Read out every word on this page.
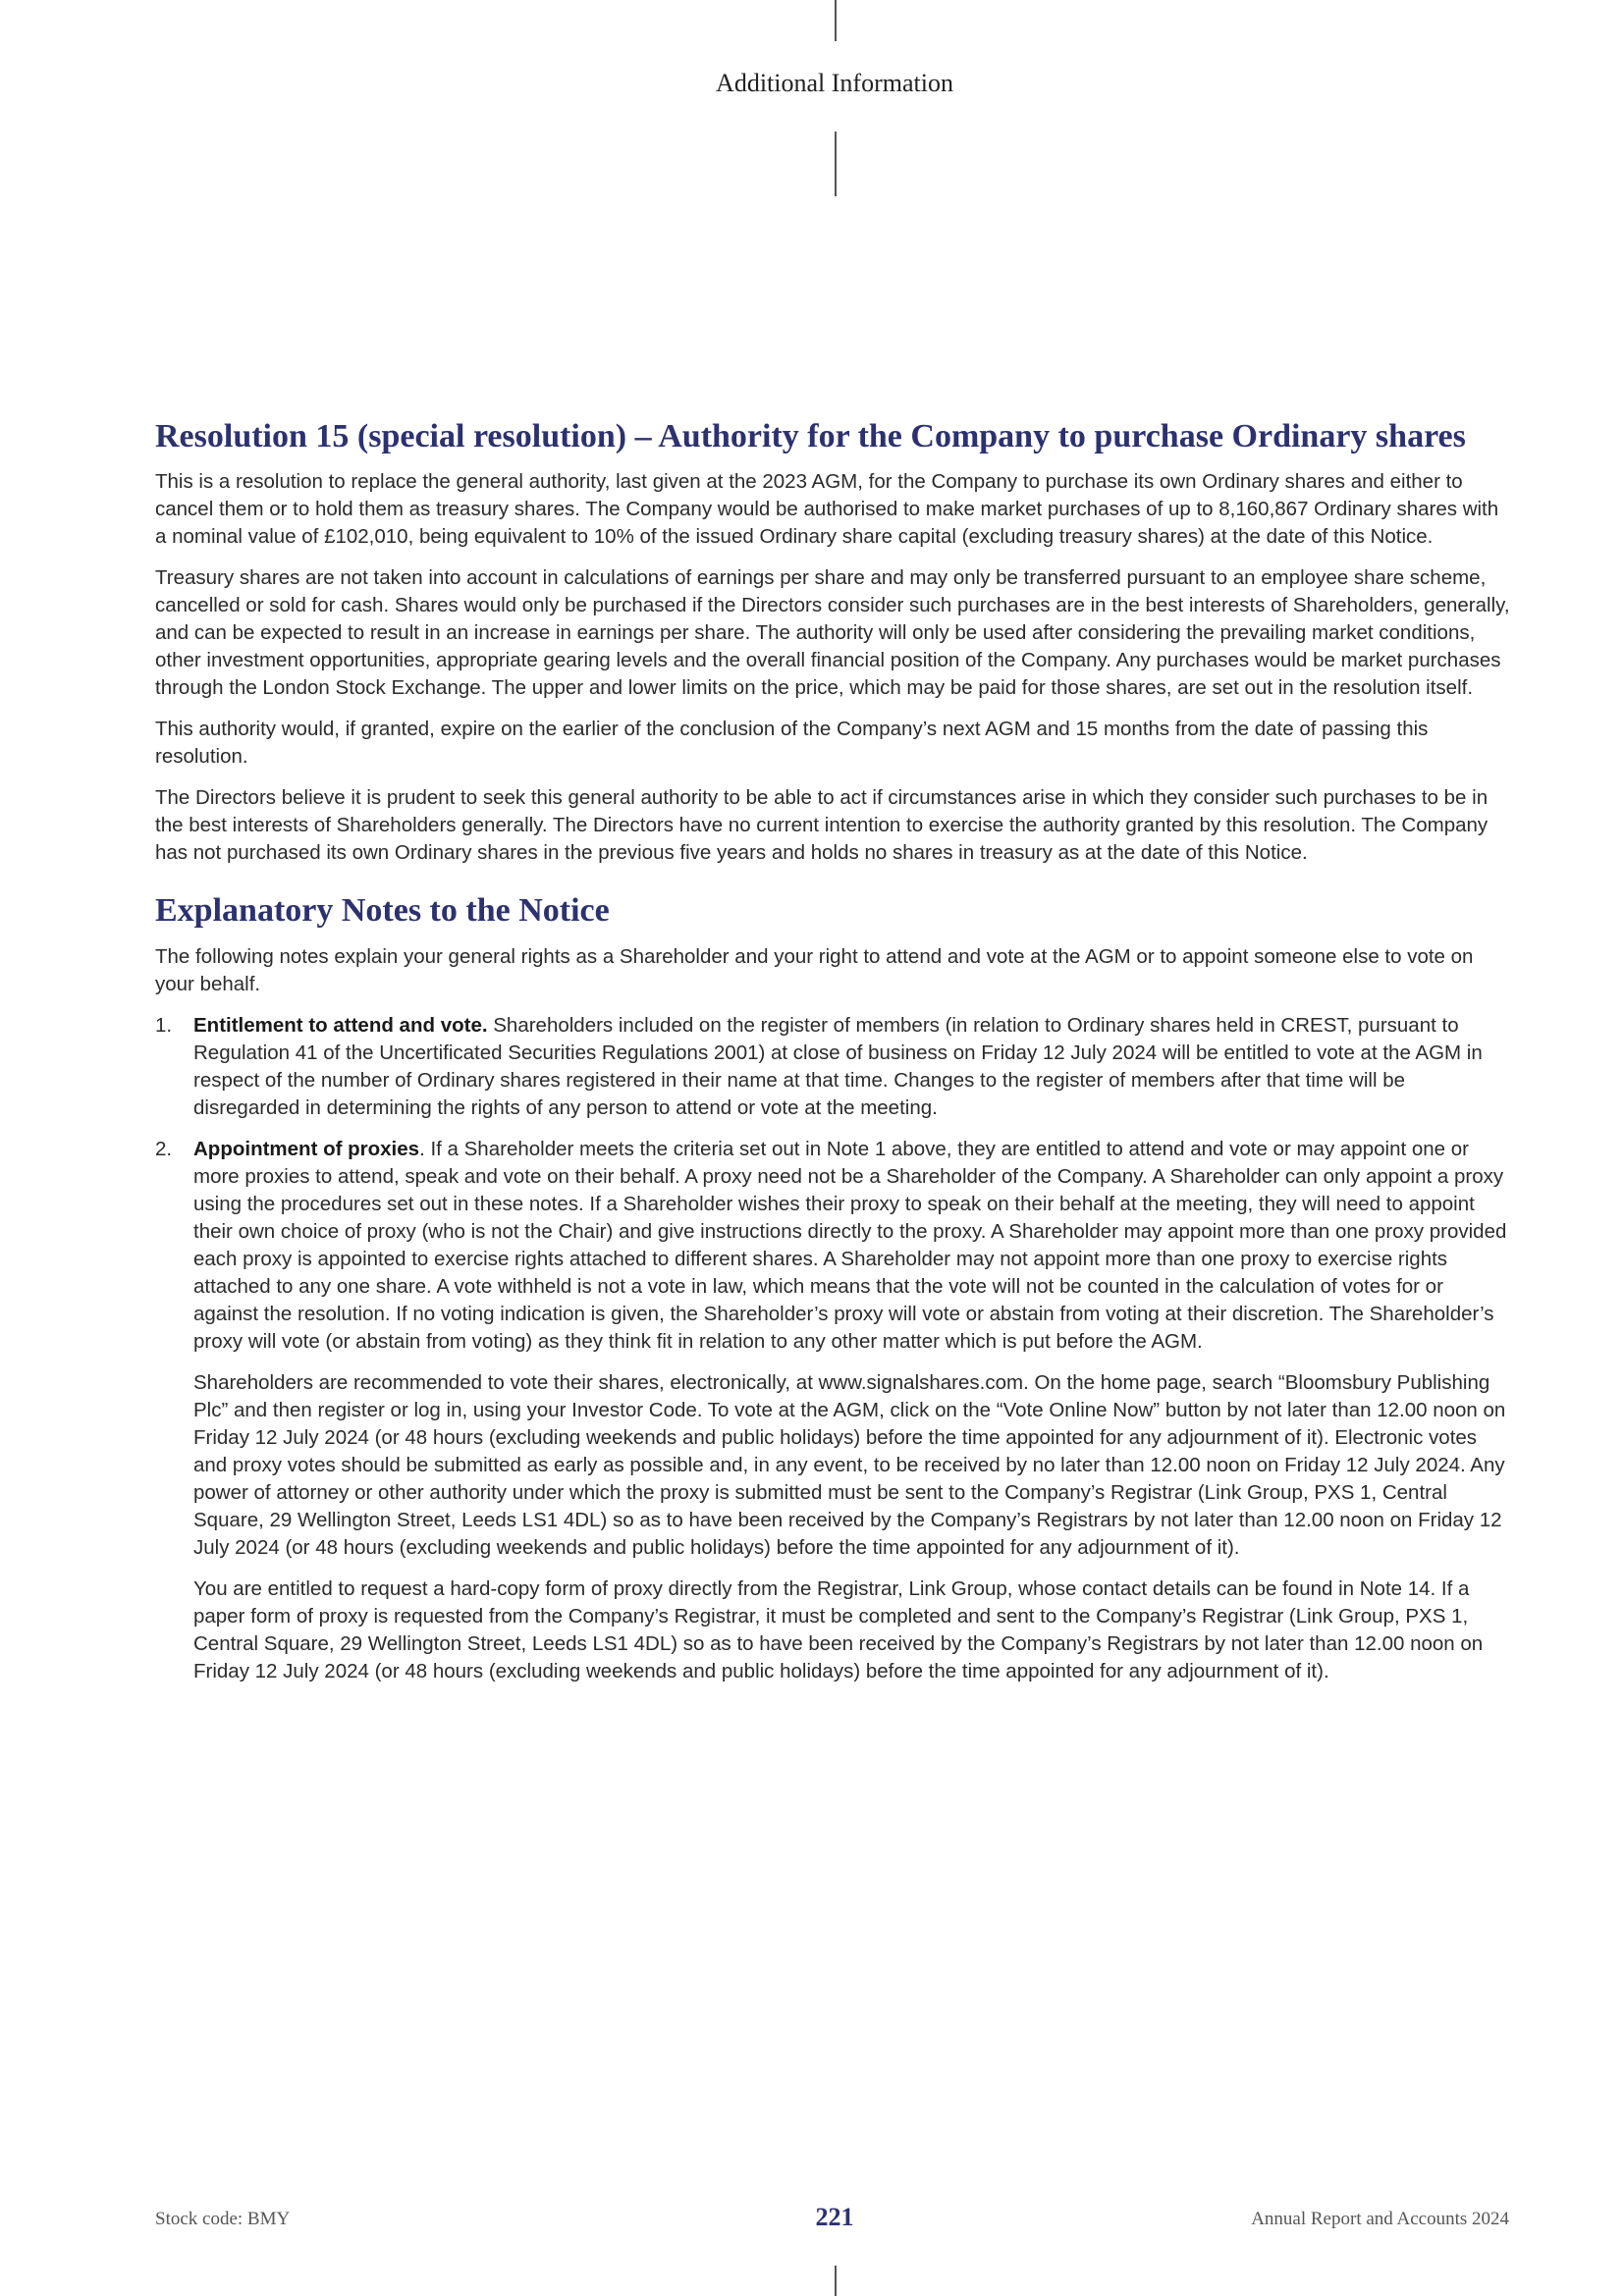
Additional Information
Resolution 15 (special resolution) – Authority for the Company to purchase Ordinary shares

This is a resolution to replace the general authority, last given at the 2023 AGM, for the Company to purchase its own Ordinary shares and either to cancel them or to hold them as treasury shares. The Company would be authorised to make market purchases of up to 8,160,867 Ordinary shares with a nominal value of £102,010, being equivalent to 10% of the issued Ordinary share capital (excluding treasury shares) at the date of this Notice.

Treasury shares are not taken into account in calculations of earnings per share and may only be transferred pursuant to an employee share scheme, cancelled or sold for cash. Shares would only be purchased if the Directors consider such purchases are in the best interests of Shareholders, generally, and can be expected to result in an increase in earnings per share. The authority will only be used after considering the prevailing market conditions, other investment opportunities, appropriate gearing levels and the overall financial position of the Company. Any purchases would be market purchases through the London Stock Exchange. The upper and lower limits on the price, which may be paid for those shares, are set out in the resolution itself.

This authority would, if granted, expire on the earlier of the conclusion of the Company’s next AGM and 15 months from the date of passing this resolution.

The Directors believe it is prudent to seek this general authority to be able to act if circumstances arise in which they consider such purchases to be in the best interests of Shareholders generally. The Directors have no current intention to exercise the authority granted by this resolution. The Company has not purchased its own Ordinary shares in the previous five years and holds no shares in treasury as at the date of this Notice.

Explanatory Notes to the Notice

The following notes explain your general rights as a Shareholder and your right to attend and vote at the AGM or to appoint someone else to vote on your behalf.

1. Entitlement to attend and vote. Shareholders included on the register of members (in relation to Ordinary shares held in CREST, pursuant to Regulation 41 of the Uncertificated Securities Regulations 2001) at close of business on Friday 12 July 2024 will be entitled to vote at the AGM in respect of the number of Ordinary shares registered in their name at that time. Changes to the register of members after that time will be disregarded in determining the rights of any person to attend or vote at the meeting.

2. Appointment of proxies. If a Shareholder meets the criteria set out in Note 1 above, they are entitled to attend and vote or may appoint one or more proxies to attend, speak and vote on their behalf. A proxy need not be a Shareholder of the Company. A Shareholder can only appoint a proxy using the procedures set out in these notes. If a Shareholder wishes their proxy to speak on their behalf at the meeting, they will need to appoint their own choice of proxy (who is not the Chair) and give instructions directly to the proxy. A Shareholder may appoint more than one proxy provided each proxy is appointed to exercise rights attached to different shares. A Shareholder may not appoint more than one proxy to exercise rights attached to any one share. A vote withheld is not a vote in law, which means that the vote will not be counted in the calculation of votes for or against the resolution. If no voting indication is given, the Shareholder’s proxy will vote or abstain from voting at their discretion. The Shareholder’s proxy will vote (or abstain from voting) as they think fit in relation to any other matter which is put before the AGM.

Shareholders are recommended to vote their shares, electronically, at www.signalshares.com. On the home page, search “Bloomsbury Publishing Plc” and then register or log in, using your Investor Code. To vote at the AGM, click on the “Vote Online Now” button by not later than 12.00 noon on Friday 12 July 2024 (or 48 hours (excluding weekends and public holidays) before the time appointed for any adjournment of it). Electronic votes and proxy votes should be submitted as early as possible and, in any event, to be received by no later than 12.00 noon on Friday 12 July 2024. Any power of attorney or other authority under which the proxy is submitted must be sent to the Company’s Registrar (Link Group, PXS 1, Central Square, 29 Wellington Street, Leeds LS1 4DL) so as to have been received by the Company’s Registrars by not later than 12.00 noon on Friday 12 July 2024 (or 48 hours (excluding weekends and public holidays) before the time appointed for any adjournment of it).

You are entitled to request a hard-copy form of proxy directly from the Registrar, Link Group, whose contact details can be found in Note 14. If a paper form of proxy is requested from the Company’s Registrar, it must be completed and sent to the Company’s Registrar (Link Group, PXS 1, Central Square, 29 Wellington Street, Leeds LS1 4DL) so as to have been received by the Company’s Registrars by not later than 12.00 noon on Friday 12 July 2024 (or 48 hours (excluding weekends and public holidays) before the time appointed for any adjournment of it).

Stock code: BMY	221	Annual Report and Accounts 2024
